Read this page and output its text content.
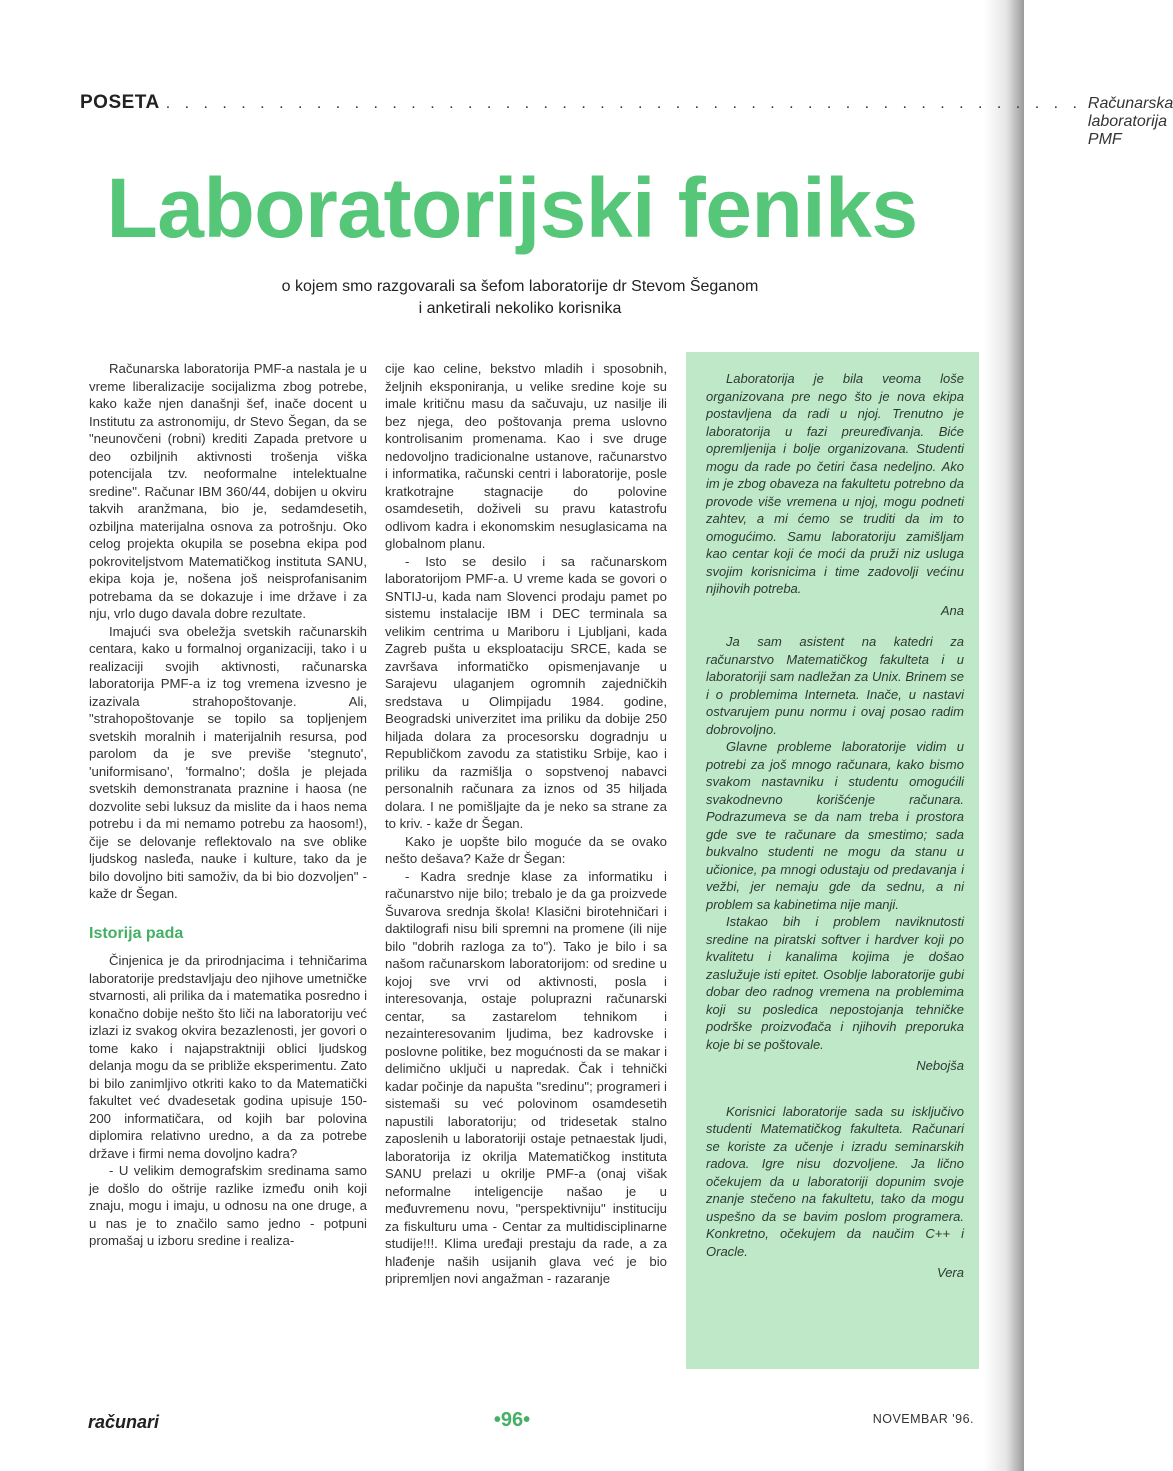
POSETA . . . . . . . . . . . . . . . . . . . . . . . . . . . . . . . . . . . . . . . . . . . . . . . . . Računarska laboratorija PMF
Laboratorijski feniks
o kojem smo razgovarali sa šefom laboratorije dr Stevom Šeganom
i anketirali nekoliko korisnika

Računarska laboratorija PMF-a nastala je u vreme liberalizacije socijalizma zbog potrebe, kako kaže njen današnji šef, inače docent u Institutu za astronomiju, dr Stevo Šegan, da se "neunovčeni (robni) krediti Zapada pretvore u deo ozbiljnih aktivnosti trošenja viška potencijala tzv. neoformalne intelektualne sredine". Računar IBM 360/44, dobijen u okviru takvih aranžmana, bio je, sedamdesetih, ozbiljna materijalna osnova za potrošnju. Oko celog projekta okupila se posebna ekipa pod pokroviteljstvom Matematičkog instituta SANU, ekipa koja je, nošena još neisprofanisanim potrebama da se dokazuje i ime države i za nju, vrlo dugo davala dobre rezultate.

Imajući sva obeležja svetskih računarskih centara, kako u formalnoj organizaciji, tako i u realizaciji svojih aktivnosti, računarska laboratorija PMF-a iz tog vremena izvesno je izazivala strahopoštovanje. Ali, "strahopoštovanje se topilo sa topljenjem svetskih moralnih i materijalnih resursa, pod parolom da je sve previše 'stegnuto', 'uniformisano', 'formalno'; došla je plejada svetskih demonstranata praznine i haosa (ne dozvolite sebi luksuz da mislite da i haos nema potrebu i da mi nemamo potrebu za haosom!), čije se delovanje reflektovalo na sve oblike ljudskog nasleđa, nauke i kulture, tako da je bilo dovoljno biti samoživ, da bi bio dozvoljen" - kaže dr Šegan.

Istorija pada

Činjenica je da prirodnjacima i tehničarima laboratorije predstavljaju deo njihove umetničke stvarnosti, ali prilika da i matematika posredno i konačno dobije nešto što liči na laboratoriju već izlazi iz svakog okvira bezazlenosti, jer govori o tome kako i najapstraktniji oblici ljudskog delanja mogu da se približe eksperimentu. Zato bi bilo zanimljivo otkriti kako to da Matematički fakultet već dvadesetak godina upisuje 150-200 informatičara, od kojih bar polovina diplomira relativno uredno, a da za potrebe države i firmi nema dovoljno kadra?

- U velikim demografskim sredinama samo je došlo do oštrije razlike između onih koji znaju, mogu i imaju, u odnosu na one druge, a u nas je to značilo samo jedno - potpuni promašaj u izboru sredine i realiza-

cije kao celine, bekstvo mladih i sposobnih, željnih eksponiranja, u velike sredine koje su imale kritičnu masu da sačuvaju, uz nasilje ili bez njega, deo poštovanja prema uslovno kontrolisanim promenama. Kao i sve druge nedovoljno tradicionalne ustanove, računarstvo i informatika, računski centri i laboratorije, posle kratkotrajne stagnacije do polovine osamdesetih, doživeli su pravu katastrofu odlivom kadra i ekonomskim nesuglasicama na globalnom planu.

- Isto se desilo i sa računarskom laboratorijom PMF-a. U vreme kada se govori o SNTIJ-u, kada nam Slovenci prodaju pamet po sistemu instalacije IBM i DEC terminala sa velikim centrima u Mariboru i Ljubljani, kada Zagreb pušta u eksploataciju SRCE, kada se završava informatičko opismenjavanje u Sarajevu ulaganjem ogromnih zajedničkih sredstava u Olimpijadu 1984. godine, Beogradski univerzitet ima priliku da dobije 250 hiljada dolara za procesorsku dogradnju u Republičkom zavodu za statistiku Srbije, kao i priliku da razmišlja o sopstvenoj nabavci personalnih računara za iznos od 35 hiljada dolara. I ne pomišljajte da je neko sa strane za to kriv. - kaže dr Šegan.

Kako je uopšte bilo moguće da se ovako nešto dešava? Kaže dr Šegan:

- Kadra srednje klase za informatiku i računarstvo nije bilo; trebalo je da ga proizvede Šuvarova srednja škola! Klasični birotehničari i daktilografi nisu bili spremni na promene (ili nije bilo "dobrih razloga za to"). Tako je bilo i sa našom računarskom laboratorijom: od sredine u kojoj sve vrvi od aktivnosti, posla i interesovanja, ostaje poluprazni računarski centar, sa zastarelom tehnikom i nezainteresovanim ljudima, bez kadrovske i poslovne politike, bez mogućnosti da se makar i delimično uključi u napredak. Čak i tehnički kadar počinje da napušta "sredinu"; programeri i sistemaši su već polovinom osamdesetih napustili laboratoriju; od tridesetak stalno zaposlenih u laboratoriji ostaje petnaestak ljudi, laboratorija iz okrilja Matematičkog instituta SANU prelazi u okrilje PMF-a (onaj višak neformalne inteligencije našao je u međuvremenu novu, "perspektivniju" instituciju za fiskulturu uma - Centar za multidisciplinarne studije!!!. Klima uređaji prestaju da rade, a za hlađenje naših usijanih glava već je bio pripremljen novi angažman - razaranje

Laboratorija je bila veoma loše organizovana pre nego što je nova ekipa postavljena da radi u njoj. Trenutno je laboratorija u fazi preuređivanja. Biće opremljenija i bolje organizovana. Studenti mogu da rade po četiri časa nedeljno. Ako im je zbog obaveza na fakultetu potrebno da provode više vremena u njoj, mogu podneti zahtev, a mi ćemo se truditi da im to omogućimo. Samu laboratoriju zamišljam kao centar koji će moći da pruži niz usluga svojim korisnicima i time zadovolji većinu njihovih potreba.

Ana

Ja sam asistent na katedri za računarstvo Matematičkog fakulteta i u laboratoriji sam nadležan za Unix. Brinem se i o problemima Interneta. Inače, u nastavi ostvarujem punu normu i ovaj posao radim dobrovoljno.

Glavne probleme laboratorije vidim u potrebi za još mnogo računara, kako bismo svakom nastavniku i studentu omogućili svakodnevno korišćenje računara. Podrazumeva se da nam treba i prostora gde sve te računare da smestimo; sada bukvalno studenti ne mogu da stanu u učionice, pa mnogi odustaju od predavanja i vežbi, jer nemaju gde da sednu, a ni problem sa kabinetima nije manji.

Istakao bih i problem naviknutosti sredine na piratski softver i hardver koji po kvalitetu i kanalima kojima je došao zaslužuje isti epitet. Osoblje laboratorije gubi dobar deo radnog vremena na problemima koji su posledica nepostojanja tehničke podrške proizvođača i njihovih preporuka koje bi se poštovale.

Nebojša

Korisnici laboratorije sada su isključivo studenti Matematičkog fakulteta. Računari se koriste za učenje i izradu seminarskih radova. Igre nisu dozvoljene. Ja lično očekujem da u laboratoriji dopunim svoje znanje stečeno na fakultetu, tako da mogu uspešno da se bavim poslom programera. Konkretno, očekujem da naučim C++ i Oracle.

Vera
računari	•96•	NOVEMBAR '96.
